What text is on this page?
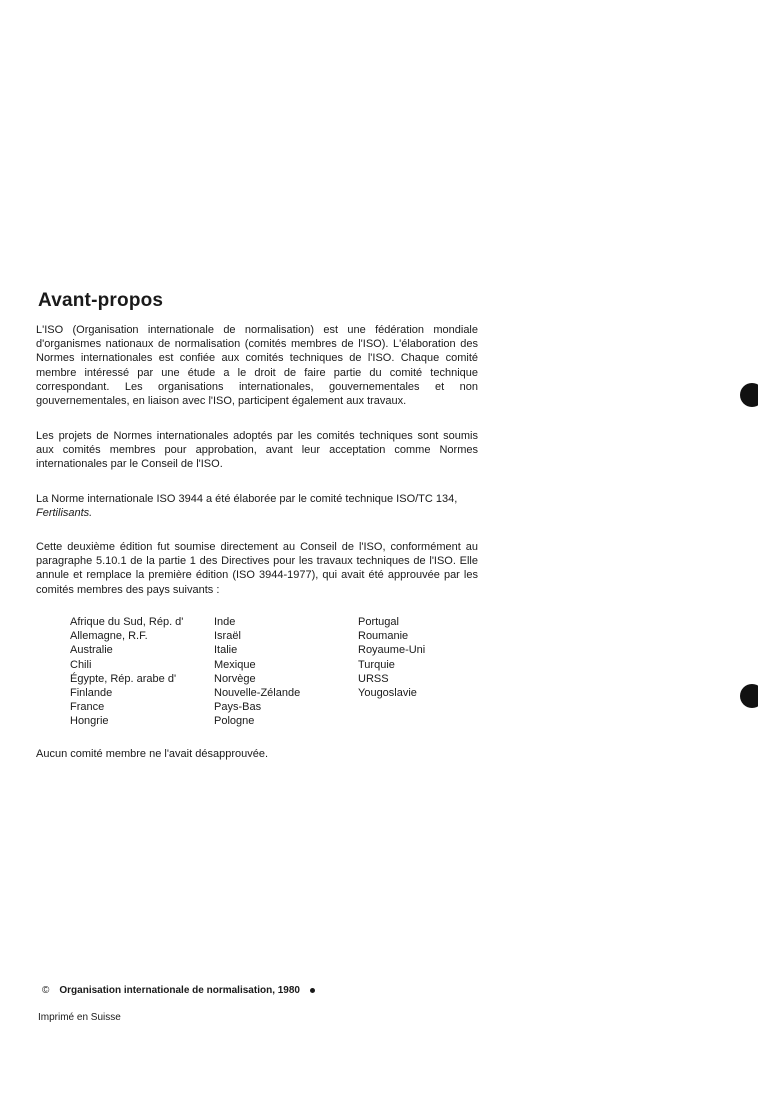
Avant-propos

L'ISO (Organisation internationale de normalisation) est une fédération mondiale d'organismes nationaux de normalisation (comités membres de l'ISO). L'élaboration des Normes internationales est confiée aux comités techniques de l'ISO. Chaque comité membre intéressé par une étude a le droit de faire partie du comité technique correspondant. Les organisations internationales, gouvernementales et non gouvernementales, en liaison avec l'ISO, participent également aux travaux.

Les projets de Normes internationales adoptés par les comités techniques sont soumis aux comités membres pour approbation, avant leur acceptation comme Normes internationales par le Conseil de l'ISO.

La Norme internationale ISO 3944 a été élaborée par le comité technique ISO/TC 134,
Fertilisants.

Cette deuxième édition fut soumise directement au Conseil de l'ISO, conformément au paragraphe 5.10.1 de la partie 1 des Directives pour les travaux techniques de l'ISO. Elle annule et remplace la première édition (ISO 3944-1977), qui avait été approuvée par les comités membres des pays suivants :

Afrique du Sud, Rép. d'
Allemagne, R.F.
Australie
Chili
Égypte, Rép. arabe d'
Finlande
France
Hongrie
Inde
Israël
Italie
Mexique
Norvège
Nouvelle-Zélande
Pays-Bas
Pologne
Portugal
Roumanie
Royaume-Uni
Turquie
URSS
Yougoslavie

Aucun comité membre ne l'avait désapprouvée.

© Organisation internationale de normalisation, 1980
Imprimé en Suisse
